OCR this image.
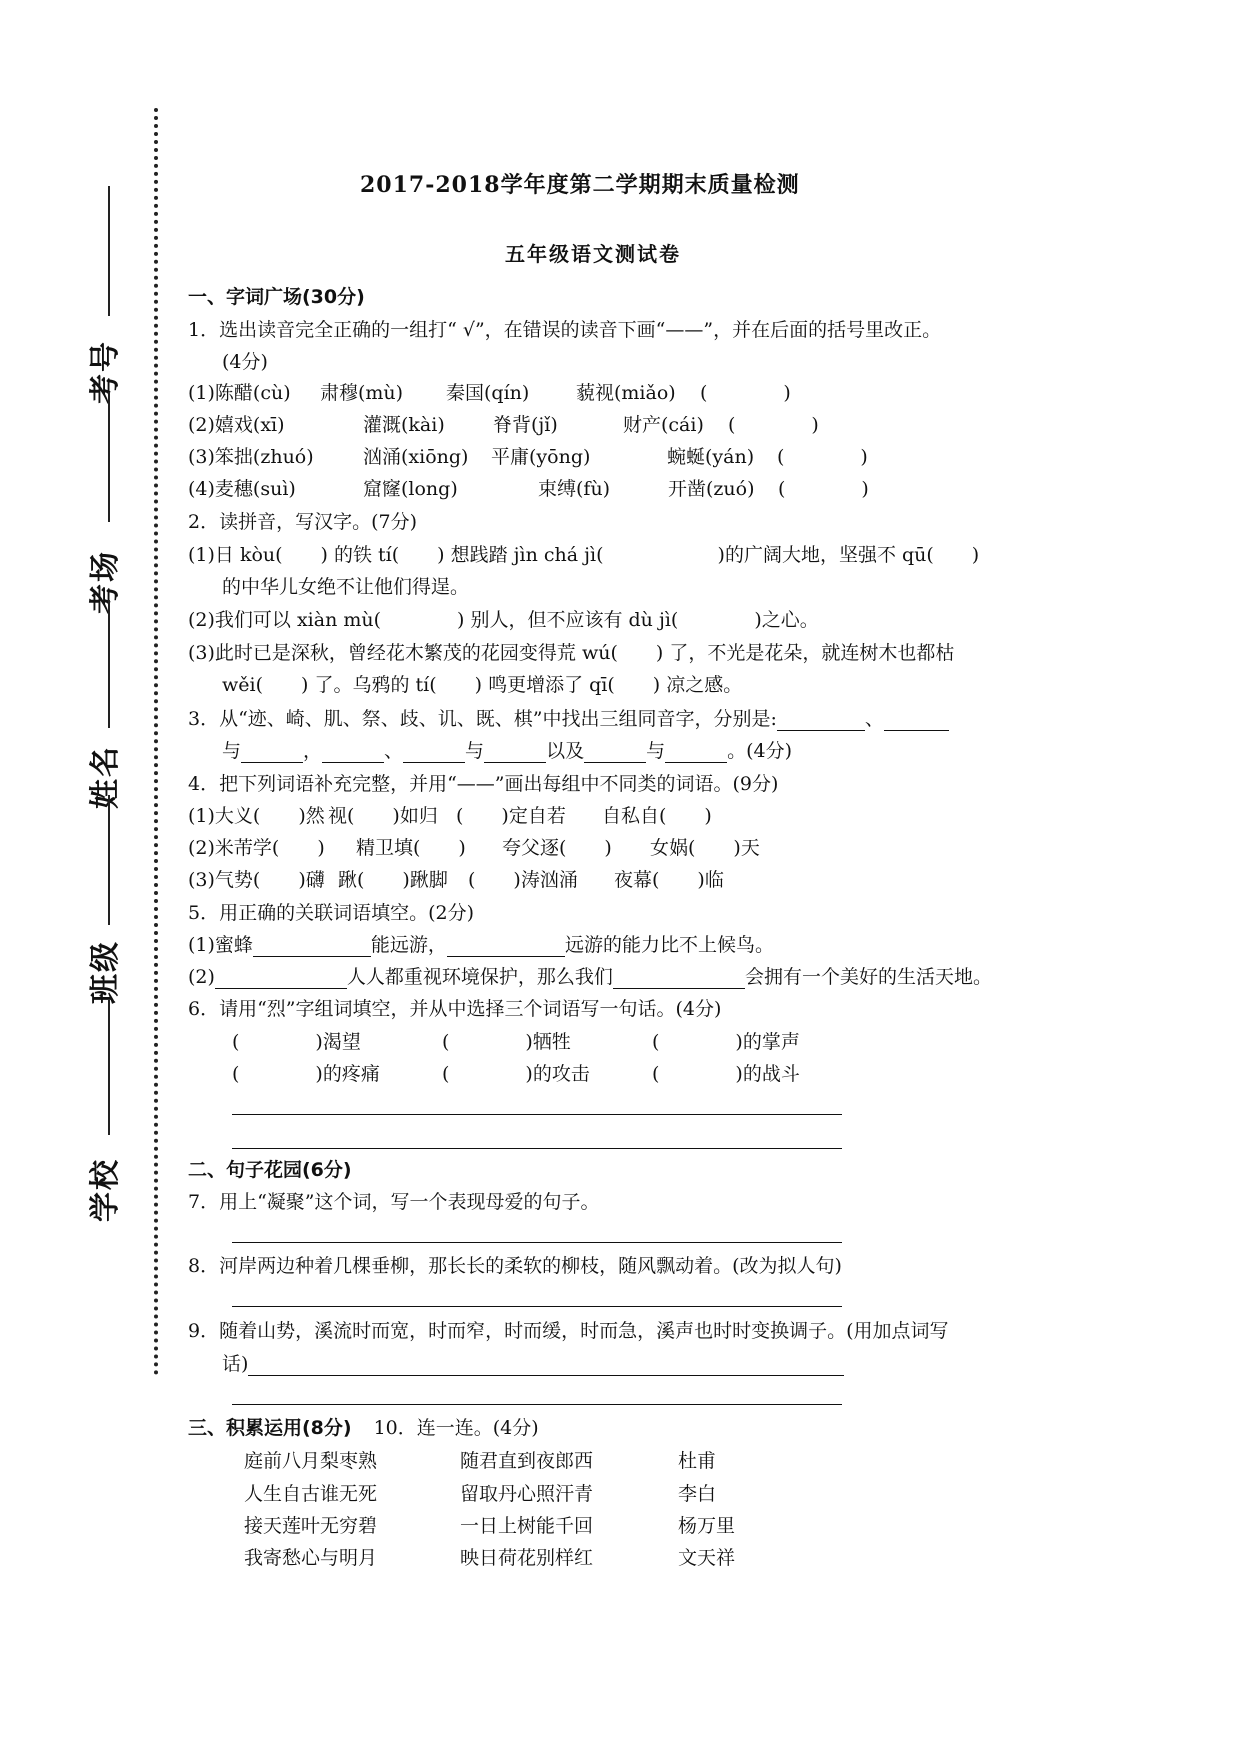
考号
考场
姓名
班级
学校
2017-2018学年度第二学期期末质量检测
五年级语文测试卷
一、字词广场(30分)
1．选出读音完全正确的一组打“ √”，在错误的读音下画“——”，并在后面的括号里改正。
(4分)
(1)陈醋(cù) 肃穆(mù) 秦国(qín) 藐视(miǎo) (　　　　)
(2)嬉戏(xī)	灌溉(kài)	脊背(jǐ)	财产(cái) (　　　　)
(3)笨拙(zhuó)	汹涌(xiōng) 平庸(yōng)	蜿蜒(yán) (　　　　)
(4)麦穗(suì)	窟窿(long)	束缚(fù)	开凿(zuó) (　　　　)
2．读拼音，写汉字。(7分)
(1)日 kòu(　　) 的铁 tí(　　) 想践踏 jìn chá jì(　　　　　　)的广阔大地，坚强不 qū(　　)
的中华儿女绝不让他们得逞。
(2)我们可以 xiàn mù(　　　　) 别人，但不应该有 dù jì(　　　　)之心。
(3)此时已是深秋，曾经花木繁茂的花园变得荒 wú(　　) 了，不光是花朵，就连树木也都枯
wěi(　　) 了。乌鸦的 tí(　　) 鸣更增添了 qī(　　) 凉之感。
3．从“迹、崎、肌、祭、歧、讥、既、棋”中找出三组同音字，分别是:	、
与	，	、	与	以及	与	。(4分)
4．把下列词语补充完整，并用“——”画出每组中不同类的词语。(9分)
(1)大义(　　)然 视(　　)如归 (　　)定自若 自私自(　　)
(2)米芾学(　　) 精卫填(　　) 夸父逐(　　) 女娲(　　)天
(3)气势(　　)礴 踿(　　)踿脚 (　　)涛汹涌 夜幕(　　)临
5．用正确的关联词语填空。(2分)
(1)蜜蜂	能远游，	远游的能力比不上候鸟。
(2)	人人都重视环境保护，那么我们	会拥有一个美好的生活天地。
6．请用“烈”字组词填空，并从中选择三个词语写一句话。(4分)
(　　　　)渴望	(　　　　)牺牲	(　　　　)的掌声
(　　　　)的疼痛	(　　　　)的攻击	(　　　　)的战斗
二、句子花园(6分)
7．用上“凝聚”这个词，写一个表现母爱的句子。
8．河岸两边种着几棵垂柳，那长长的柔软的柳枝，随风飘动着。(改为拟人句)
9．随着山势，溪流时而宽，时而窄，时而缓，时而急，溪声也时时变换调子。(用加点词写
话)
三、积累运用(8分) 10．连一连。(4分)
庭前八月梨枣熟	随君直到夜郎西	杜甫
人生自古谁无死	留取丹心照汗青	李白
接天莲叶无穷碧	一日上树能千回	杨万里
我寄愁心与明月	映日荷花别样红	文天祥
